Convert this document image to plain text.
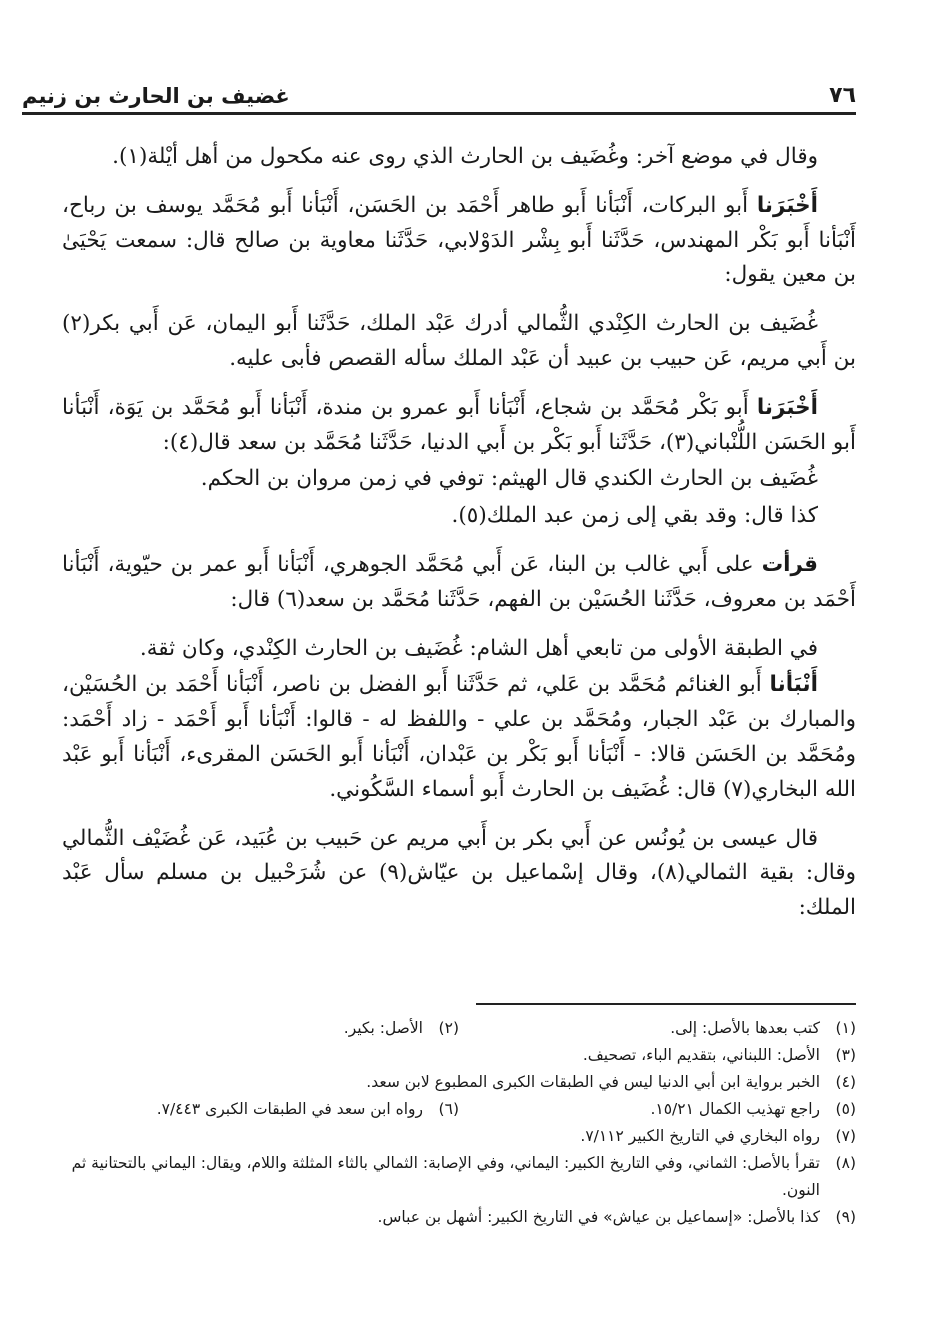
٧٦
غضيف بن الحارث بن زنيم

وقال في موضع آخر: وغُضَيف بن الحارث الذي روى عنه مكحول من أهل أيْلة(١).

أَخْبَرَنا أَبو البركات، أَنْبَأنا أَبو طاهر أَحْمَد بن الحَسَن، أَنْبَأنا أَبو مُحَمَّد يوسف بن رباح، أَنْبَأنا أَبو بَكْر المهندس، حَدَّثَنا أَبو بِشْر الدَوْلابي، حَدَّثَنا معاوية بن صالح قال: سمعت يَحْيَىٰ بن معين يقول:

غُضَيف بن الحارث الكِنْدي الثُّمالي أدرك عَبْد الملك، حَدَّثَنا أَبو اليمان، عَن أَبي بكر(٢) بن أَبي مريم، عَن حبيب بن عبيد أن عَبْد الملك سأله القصص فأبى عليه.

أَخْبَرَنا أَبو بَكْر مُحَمَّد بن شجاع، أَنْبَأنا أَبو عمرو بن مندة، أَنْبَأنا أَبو مُحَمَّد بن يَوَة، أَنْبَأنا أَبو الحَسَن اللُّنْباني(٣)، حَدَّثَنا أَبو بَكْر بن أَبي الدنيا، حَدَّثَنا مُحَمَّد بن سعد قال(٤):

غُضَيف بن الحارث الكندي قال الهيثم: توفي في زمن مروان بن الحكم.

كذا قال: وقد بقي إلى زمن عبد الملك(٥).

قرأت على أَبي غالب بن البنا، عَن أَبي مُحَمَّد الجوهري، أَنْبَأنا أَبو عمر بن حيّوية، أَنْبَأنا أَحْمَد بن معروف، حَدَّثَنا الحُسَيْن بن الفهم، حَدَّثَنا مُحَمَّد بن سعد(٦) قال:

في الطبقة الأولى من تابعي أهل الشام: غُضَيف بن الحارث الكِنْدي، وكان ثقة.

أَنْبَأنا أَبو الغنائم مُحَمَّد بن عَلي، ثم حَدَّثَنا أَبو الفضل بن ناصر، أَنْبَأنا أَحْمَد بن الحُسَيْن، والمبارك بن عَبْد الجبار، ومُحَمَّد بن علي - واللفظ له - قالوا: أَنْبَأنا أَبو أَحْمَد - زاد أَحْمَد: ومُحَمَّد بن الحَسَن قالا: - أَنْبَأنا أَبو بَكْر بن عَبْدان، أَنْبَأنا أَبو الحَسَن المقرىء، أَنْبَأنا أَبو عَبْد الله البخاري(٧) قال: غُضَيف بن الحارث أَبو أسماء السَّكُوني.

قال عيسى بن يُونُس عن أَبي بكر بن أَبي مريم عن حَبيب بن عُبَيد، عَن غُضَيْف الثُّمالي وقال: بقية الثمالي(٨)، وقال إسْماعيل بن عيّاش(٩) عن شُرَحْبيل بن مسلم سأل عَبْد الملك:

(١)
كتب بعدها بالأصل: إلى.
(٢)
الأصل: بكير.
(٣)
الأصل: اللبناني، بتقديم الباء، تصحيف.
(٤)
الخبر برواية ابن أبي الدنيا ليس في الطبقات الكبرى المطبوع لابن سعد.
(٥)
راجع تهذيب الكمال ١٥/٢١.
(٦)
رواه ابن سعد في الطبقات الكبرى ٧/٤٤٣.
(٧)
رواه البخاري في التاريخ الكبير ٧/١١٢.
(٨)
تقرأ بالأصل: الثماني، وفي التاريخ الكبير: اليماني، وفي الإصابة: الثمالي بالثاء المثلثة واللام، ويقال: اليماني بالتحتانية ثم النون.
(٩)
كذا بالأصل: «إسماعيل بن عياش» في التاريخ الكبير: أشهل بن عباس.
